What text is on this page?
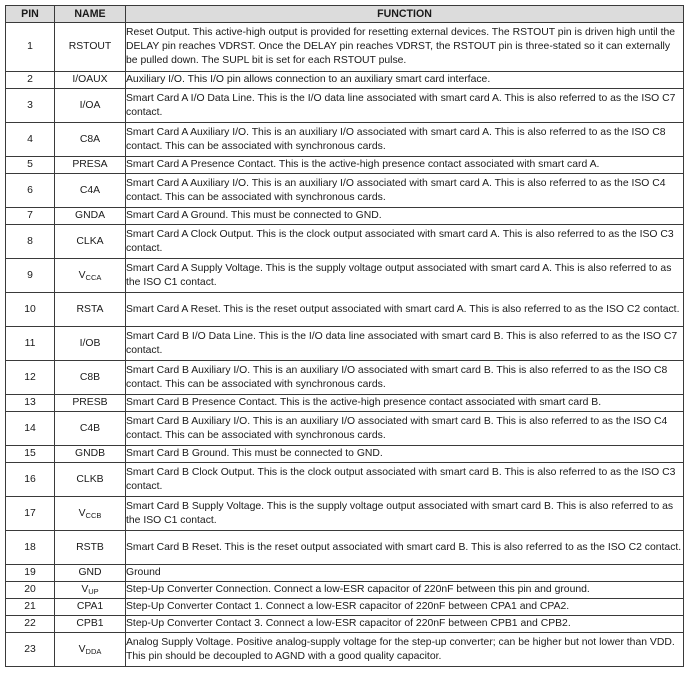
PIN	NAME	FUNCTION
1	RSTOUT	Reset Output. This active-high output is provided for resetting external devices. The RSTOUT pin is driven high until the DELAY pin reaches VDRST. Once the DELAY pin reaches VDRST, the RSTOUT pin is three-stated so it can externally be pulled down. The SUPL bit is set for each RSTOUT pulse.
2	I/OAUX	Auxiliary I/O. This I/O pin allows connection to an auxiliary smart card interface.
3	I/OA	Smart Card A I/O Data Line. This is the I/O data line associated with smart card A. This is also referred to as the ISO C7 contact.
4	C8A	Smart Card A Auxiliary I/O. This is an auxiliary I/O associated with smart card A. This is also referred to as the ISO C8 contact. This can be associated with synchronous cards.
5	PRESA	Smart Card A Presence Contact. This is the active-high presence contact associated with smart card A.
6	C4A	Smart Card A Auxiliary I/O. This is an auxiliary I/O associated with smart card A. This is also referred to as the ISO C4 contact. This can be associated with synchronous cards.
7	GNDA	Smart Card A Ground. This must be connected to GND.
8	CLKA	Smart Card A Clock Output. This is the clock output associated with smart card A. This is also referred to as the ISO C3 contact.
9	$V_{CCA}$	Smart Card A Supply Voltage. This is the supply voltage output associated with smart card A. This is also referred to as the ISO C1 contact.
10	RSTA	Smart Card A Reset. This is the reset output associated with smart card A. This is also referred to as the ISO C2 contact.
11	I/OB	Smart Card B I/O Data Line. This is the I/O data line associated with smart card B. This is also referred to as the ISO C7 contact.
12	C8B	Smart Card B Auxiliary I/O. This is an auxiliary I/O associated with smart card B. This is also referred to as the ISO C8 contact. This can be associated with synchronous cards.
13	PRESB	Smart Card B Presence Contact. This is the active-high presence contact associated with smart card B.
14	C4B	Smart Card B Auxiliary I/O. This is an auxiliary I/O associated with smart card B. This is also referred to as the ISO C4 contact. This can be associated with synchronous cards.
15	GNDB	Smart Card B Ground. This must be connected to GND.
16	CLKB	Smart Card B Clock Output. This is the clock output associated with smart card B. This is also referred to as the ISO C3 contact.
17	$V_{CCB}$	Smart Card B Supply Voltage. This is the supply voltage output associated with smart card B. This is also referred to as the ISO C1 contact.
18	RSTB	Smart Card B Reset. This is the reset output associated with smart card B. This is also referred to as the ISO C2 contact.
19	GND	Ground
20	$V_{UP}$	Step-Up Converter Connection. Connect a low-ESR capacitor of 220nF between this pin and ground.
21	CPA1	Step-Up Converter Contact 1. Connect a low-ESR capacitor of 220nF between CPA1 and CPA2.
22	CPB1	Step-Up Converter Contact 3. Connect a low-ESR capacitor of 220nF between CPB1 and CPB2.
23	$V_{DDA}$	Analog Supply Voltage. Positive analog-supply voltage for the step-up converter; can be higher but not lower than VDD. This pin should be decoupled to AGND with a good quality capacitor.
